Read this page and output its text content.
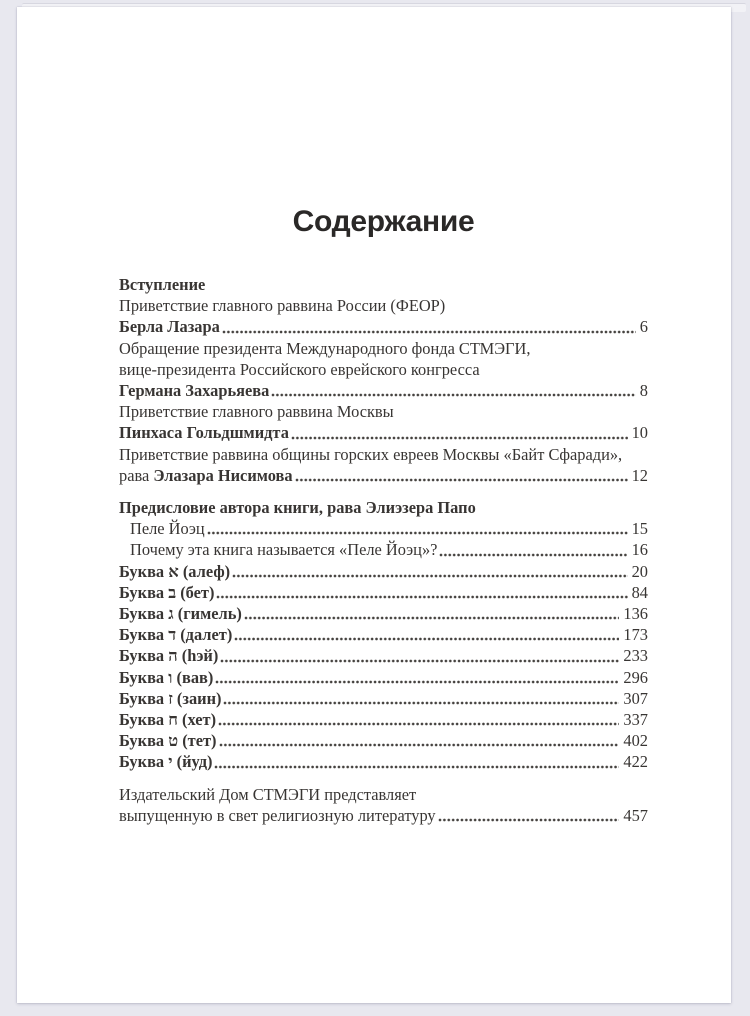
Содержание
Вступление
Приветствие главного раввина России (ФЕОР)
Берла Лазара	6
Обращение президента Международного фонда СТМЭГИ,
вице-президента Российского еврейского конгресса
Германа Захарьяева	8
Приветствие главного раввина Москвы
Пинхаса Гольдшмидта	10
Приветствие раввина общины горских евреев Москвы «Байт Сфаради»,
рава Элазара Нисимова	12
Предисловие автора книги, рава Элиэзера Папо
Пеле Йоэц	15
Почему эта книга называется «Пеле Йоэц»?	16
Буква א (алеф)	20
Буква ב (бет)	84
Буква ג (гимель)	136
Буква ד (далет)	173
Буква ה (hэй)	233
Буква ו (вав)	296
Буква ז (заин)	307
Буква ח (хет)	337
Буква ט (тет)	402
Буква י (йуд)	422
Издательский Дом СТМЭГИ представляет
выпущенную в свет религиозную литературу	457
